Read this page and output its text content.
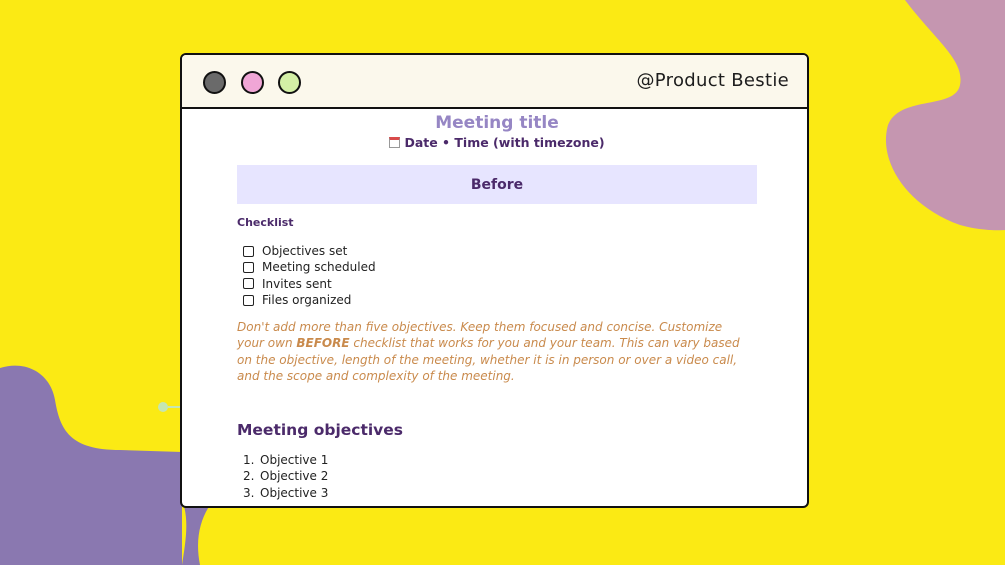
@Product Bestie
Meeting title
Date • Time (with timezone)
Before
Checklist
Objectives set
Meeting scheduled
Invites sent
Files organized
Don't add more than five objectives. Keep them focused and concise. Customize your own BEFORE checklist that works for you and your team. This can vary based on the objective, length of the meeting, whether it is in person or over a video call, and the scope and complexity of the meeting.
Meeting objectives
1. Objective 1
2. Objective 2
3. Objective 3
